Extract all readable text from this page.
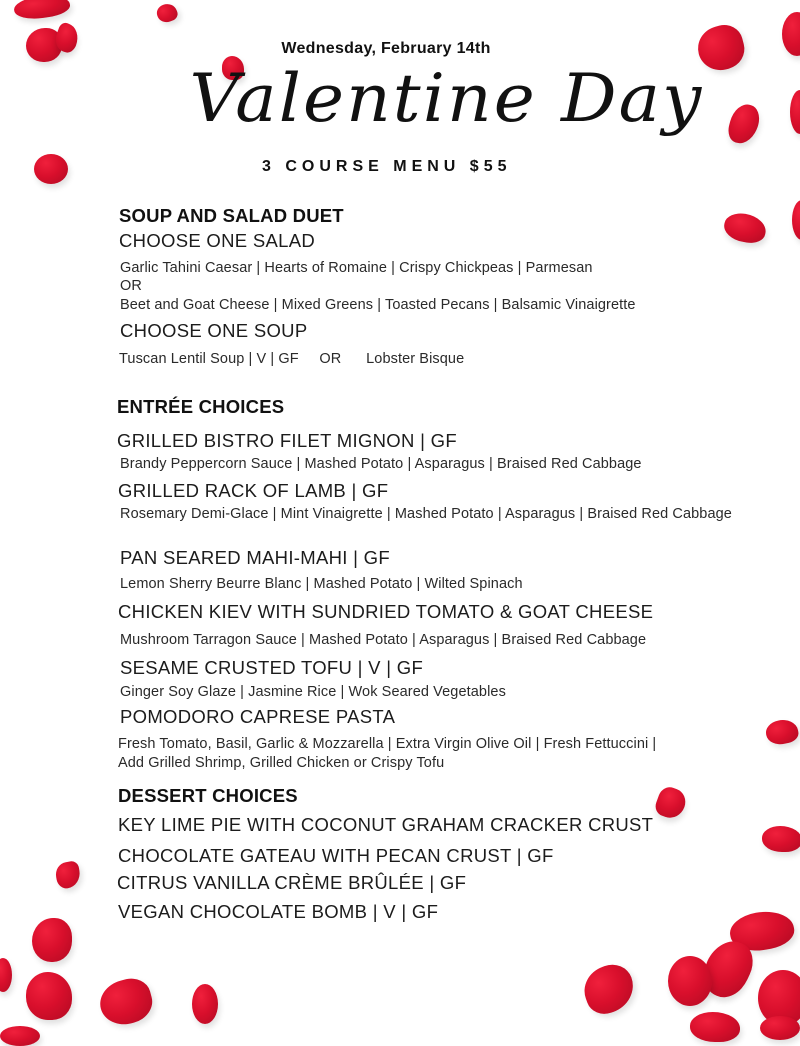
Wednesday, February 14th
Valentine Day
3 COURSE MENU $55
SOUP AND SALAD DUET
CHOOSE ONE SALAD
Garlic Tahini Caesar | Hearts of Romaine | Crispy Chickpeas | Parmesan
OR
Beet and Goat Cheese | Mixed Greens | Toasted Pecans | Balsamic Vinaigrette
CHOOSE ONE SOUP
Tuscan Lentil Soup | V | GF     OR      Lobster Bisque
ENTRÉE CHOICES
GRILLED BISTRO FILET MIGNON | GF
Brandy Peppercorn Sauce | Mashed Potato | Asparagus | Braised Red Cabbage
GRILLED RACK OF LAMB | GF
Rosemary Demi-Glace | Mint Vinaigrette | Mashed Potato | Asparagus | Braised Red Cabbage
PAN SEARED MAHI-MAHI | GF
Lemon Sherry Beurre Blanc | Mashed Potato | Wilted Spinach
CHICKEN KIEV WITH SUNDRIED TOMATO & GOAT CHEESE
Mushroom Tarragon Sauce | Mashed Potato | Asparagus | Braised Red Cabbage
SESAME CRUSTED TOFU | V | GF
Ginger Soy Glaze | Jasmine Rice | Wok Seared Vegetables
POMODORO CAPRESE PASTA
Fresh Tomato, Basil, Garlic & Mozzarella | Extra Virgin Olive Oil | Fresh Fettuccini | Add Grilled Shrimp, Grilled Chicken or Crispy Tofu
DESSERT CHOICES
KEY LIME PIE WITH COCONUT GRAHAM CRACKER CRUST
CHOCOLATE GATEAU WITH PECAN CRUST | GF
CITRUS VANILLA CRÈME BRÛLÉE | GF
VEGAN CHOCOLATE BOMB | V | GF
